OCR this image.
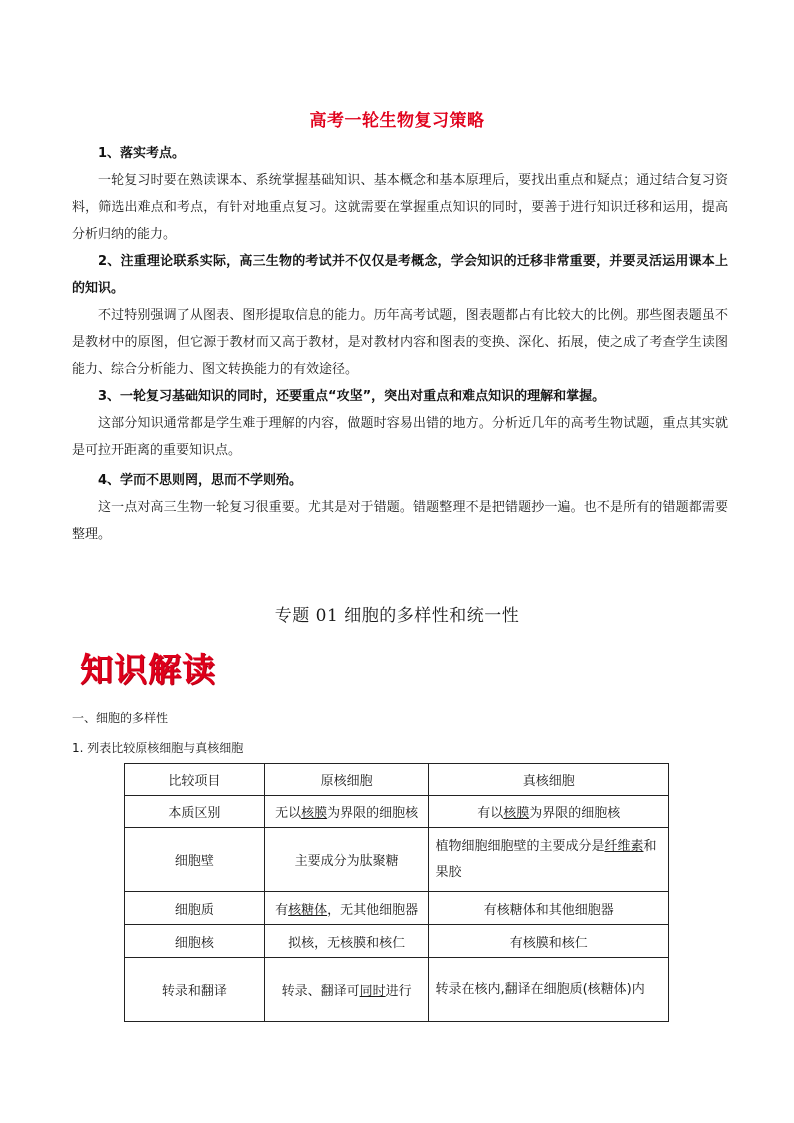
高考一轮生物复习策略

1、落实考点。

一轮复习时要在熟读课本、系统掌握基础知识、基本概念和基本原理后，要找出重点和疑点；通过结合复习资料，筛选出难点和考点，有针对地重点复习。这就需要在掌握重点知识的同时，要善于进行知识迁移和运用，提高分析归纳的能力。

2、注重理论联系实际，高三生物的考试并不仅仅是考概念，学会知识的迁移非常重要，并要灵活运用课本上的知识。

不过特别强调了从图表、图形提取信息的能力。历年高考试题，图表题都占有比较大的比例。那些图表题虽不是教材中的原图，但它源于教材而又高于教材，是对教材内容和图表的变换、深化、拓展，使之成了考查学生读图能力、综合分析能力、图文转换能力的有效途径。

3、一轮复习基础知识的同时，还要重点“攻坚”，突出对重点和难点知识的理解和掌握。

这部分知识通常都是学生难于理解的内容，做题时容易出错的地方。分析近几年的高考生物试题，重点其实就是可拉开距离的重要知识点。

4、学而不思则罔，思而不学则殆。

这一点对高三生物一轮复习很重要。尤其是对于错题。错题整理不是把错题抄一遍。也不是所有的错题都需要整理。

专题 01 细胞的多样性和统一性
知识解读
一、细胞的多样性
1. 列表比较原核细胞与真核细胞
比较项目	原核细胞	真核细胞
本质区别	无以核膜为界限的细胞核	有以核膜为界限的细胞核
细胞壁	主要成分为肽聚糖	植物细胞细胞壁的主要成分是纤维素和果胶
细胞质	有核糖体，无其他细胞器	有核糖体和其他细胞器
细胞核	拟核，无核膜和核仁	有核膜和核仁
转录和翻译	转录、翻译可同时进行	转录在核内,翻译在细胞质(核糖体)内
